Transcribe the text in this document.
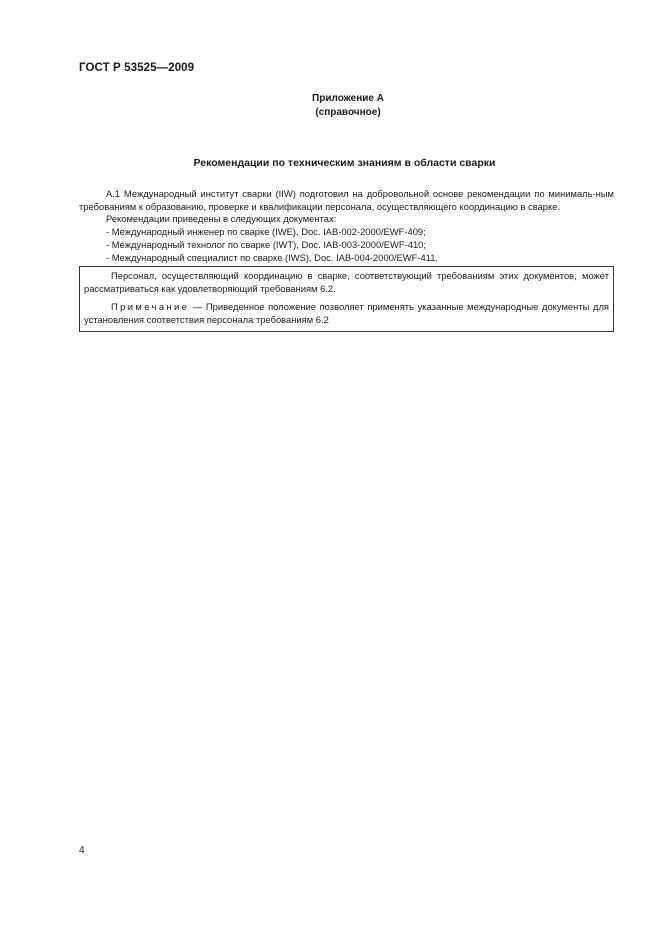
ГОСТ Р 53525—2009
Приложение А
(справочное)
Рекомендации по техническим знаниям в области сварки

А.1 Международный институт сварки (IIW) подготовил на добровольной основе рекомендации по минималь-ным требованиям к образованию, проверке и квалификации персонала, осуществляющего координацию в сварке.

Рекомендации приведены в следующих документах:

- Международный инженер по сварке (IWE), Doc. IAB-002-2000/EWF-409;
- Международный технолог по сварке (IWT), Doc. IAB-003-2000/EWF-410;
- Международный специалист по сварке (IWS), Doc. IAB-004-2000/EWF-411.

Персонал, осуществляющий координацию в сварке, соответствующий требованиям этих документов, может рассматриваться как удовлетворяющий требованиям 6.2.

Примечание — Приведенное положение позволяет применять указанные международные документы для установления соответствия персонала требованиям 6.2

4
